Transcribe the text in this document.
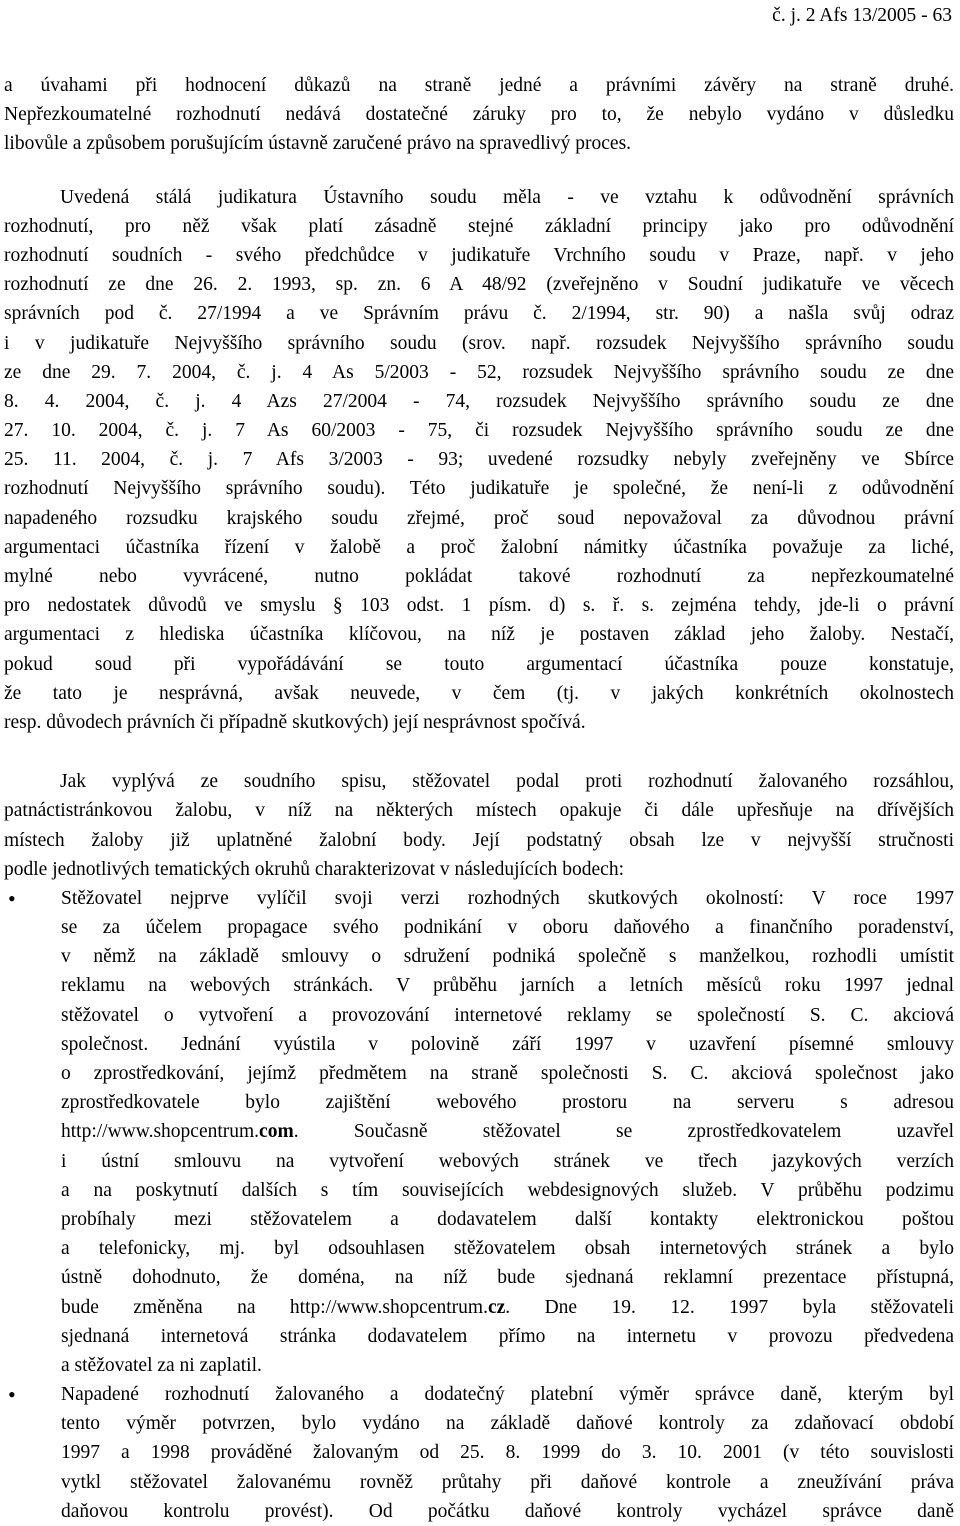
č. j. 2 Afs 13/2005 - 63
a úvahami při hodnocení důkazů na straně jedné a právními závěry na straně druhé.
Nepřezkoumatelné rozhodnutí nedává dostatečné záruky pro to, že nebylo vydáno v důsledku
libovůle a způsobem porušujícím ústavně zaručené právo na spravedlivý proces.
Uvedená stálá judikatura Ústavního soudu měla - ve vztahu k odůvodnění správních
rozhodnutí, pro něž však platí zásadně stejné základní principy jako pro odůvodnění
rozhodnutí soudních - svého předchůdce v judikatuře Vrchního soudu v Praze, např. v jeho
rozhodnutí ze dne 26. 2. 1993, sp. zn. 6 A 48/92 (zveřejněno v Soudní judikatuře ve věcech
správních pod č. 27/1994 a ve Správním právu č. 2/1994, str. 90) a našla svůj odraz
i v judikatuře Nejvyššího správního soudu (srov. např. rozsudek Nejvyššího správního soudu
ze dne 29. 7. 2004, č. j. 4 As 5/2003 - 52, rozsudek Nejvyššího správního soudu ze dne
8. 4. 2004, č. j. 4 Azs 27/2004 - 74, rozsudek Nejvyššího správního soudu ze dne
27. 10. 2004, č. j. 7 As 60/2003 - 75, či rozsudek Nejvyššího správního soudu ze dne
25. 11. 2004, č. j. 7 Afs 3/2003 - 93; uvedené rozsudky nebyly zveřejněny ve Sbírce
rozhodnutí Nejvyššího správního soudu). Této judikatuře je společné, že není-li z odůvodnění
napadeného rozsudku krajského soudu zřejmé, proč soud nepovažoval za důvodnou právní
argumentaci účastníka řízení v žalobě a proč žalobní námitky účastníka považuje za liché,
mylné nebo vyvrácené, nutno pokládat takové rozhodnutí za nepřezkoumatelné
pro nedostatek důvodů ve smyslu § 103 odst. 1 písm. d) s. ř. s. zejména tehdy, jde-li o právní
argumentaci z hlediska účastníka klíčovou, na níž je postaven základ jeho žaloby. Nestačí,
pokud soud při vypořádávání se touto argumentací účastníka pouze konstatuje,
že tato je nesprávná, avšak neuvede, v čem (tj. v jakých konkrétních okolnostech
resp. důvodech právních či případně skutkových) její nesprávnost spočívá.
Jak vyplývá ze soudního spisu, stěžovatel podal proti rozhodnutí žalovaného rozsáhlou,
patnáctistránkovou žalobu, v níž na některých místech opakuje či dále upřesňuje na dřívějších
místech žaloby již uplatněné žalobní body. Její podstatný obsah lze v nejvyšší stručnosti
podle jednotlivých tematických okruhů charakterizovat v následujících bodech:
• Stěžovatel nejprve vylíčil svoji verzi rozhodných skutkových okolností: V roce 1997
se za účelem propagace svého podnikání v oboru daňového a finančního poradenství,
v němž na základě smlouvy o sdružení podniká společně s manželkou, rozhodli umístit
reklamu na webových stránkách. V průběhu jarních a letních měsíců roku 1997 jednal
stěžovatel o vytvoření a provozování internetové reklamy se společností S. C. akciová
společnost. Jednání vyústila v polovině září 1997 v uzavření písemné smlouvy
o zprostředkování, jejímž předmětem na straně společnosti S. C. akciová společnost jako
zprostředkovatele bylo zajištění webového prostoru na serveru s adresou
http://www.shopcentrum.com. Současně stěžovatel se zprostředkovatelem uzavřel
i ústní smlouvu na vytvoření webových stránek ve třech jazykových verzích
a na poskytnutí dalších s tím souvisejících webdesignových služeb. V průběhu podzimu
probíhaly mezi stěžovatelem a dodavatelem další kontakty elektronickou poštou
a telefonicky, mj. byl odsouhlasen stěžovatelem obsah internetových stránek a bylo
ústně dohodnuto, že doména, na níž bude sjednaná reklamní prezentace přístupná,
bude změněna na http://www.shopcentrum.cz. Dne 19. 12. 1997 byla stěžovateli
sjednaná internetová stránka dodavatelem přímo na internetu v provozu předvedena
a stěžovatel za ni zaplatil.
• Napadené rozhodnutí žalovaného a dodatečný platební výměr správce daně, kterým byl
tento výměr potvrzen, bylo vydáno na základě daňové kontroly za zdaňovací období
1997 a 1998 prováděné žalovaným od 25. 8. 1999 do 3. 10. 2001 (v této souvislosti
vytkl stěžovatel žalovanému rovněž průtahy při daňové kontrole a zneužívání práva
daňovou kontrolu provést). Od počátku daňové kontroly vycházel správce daně
